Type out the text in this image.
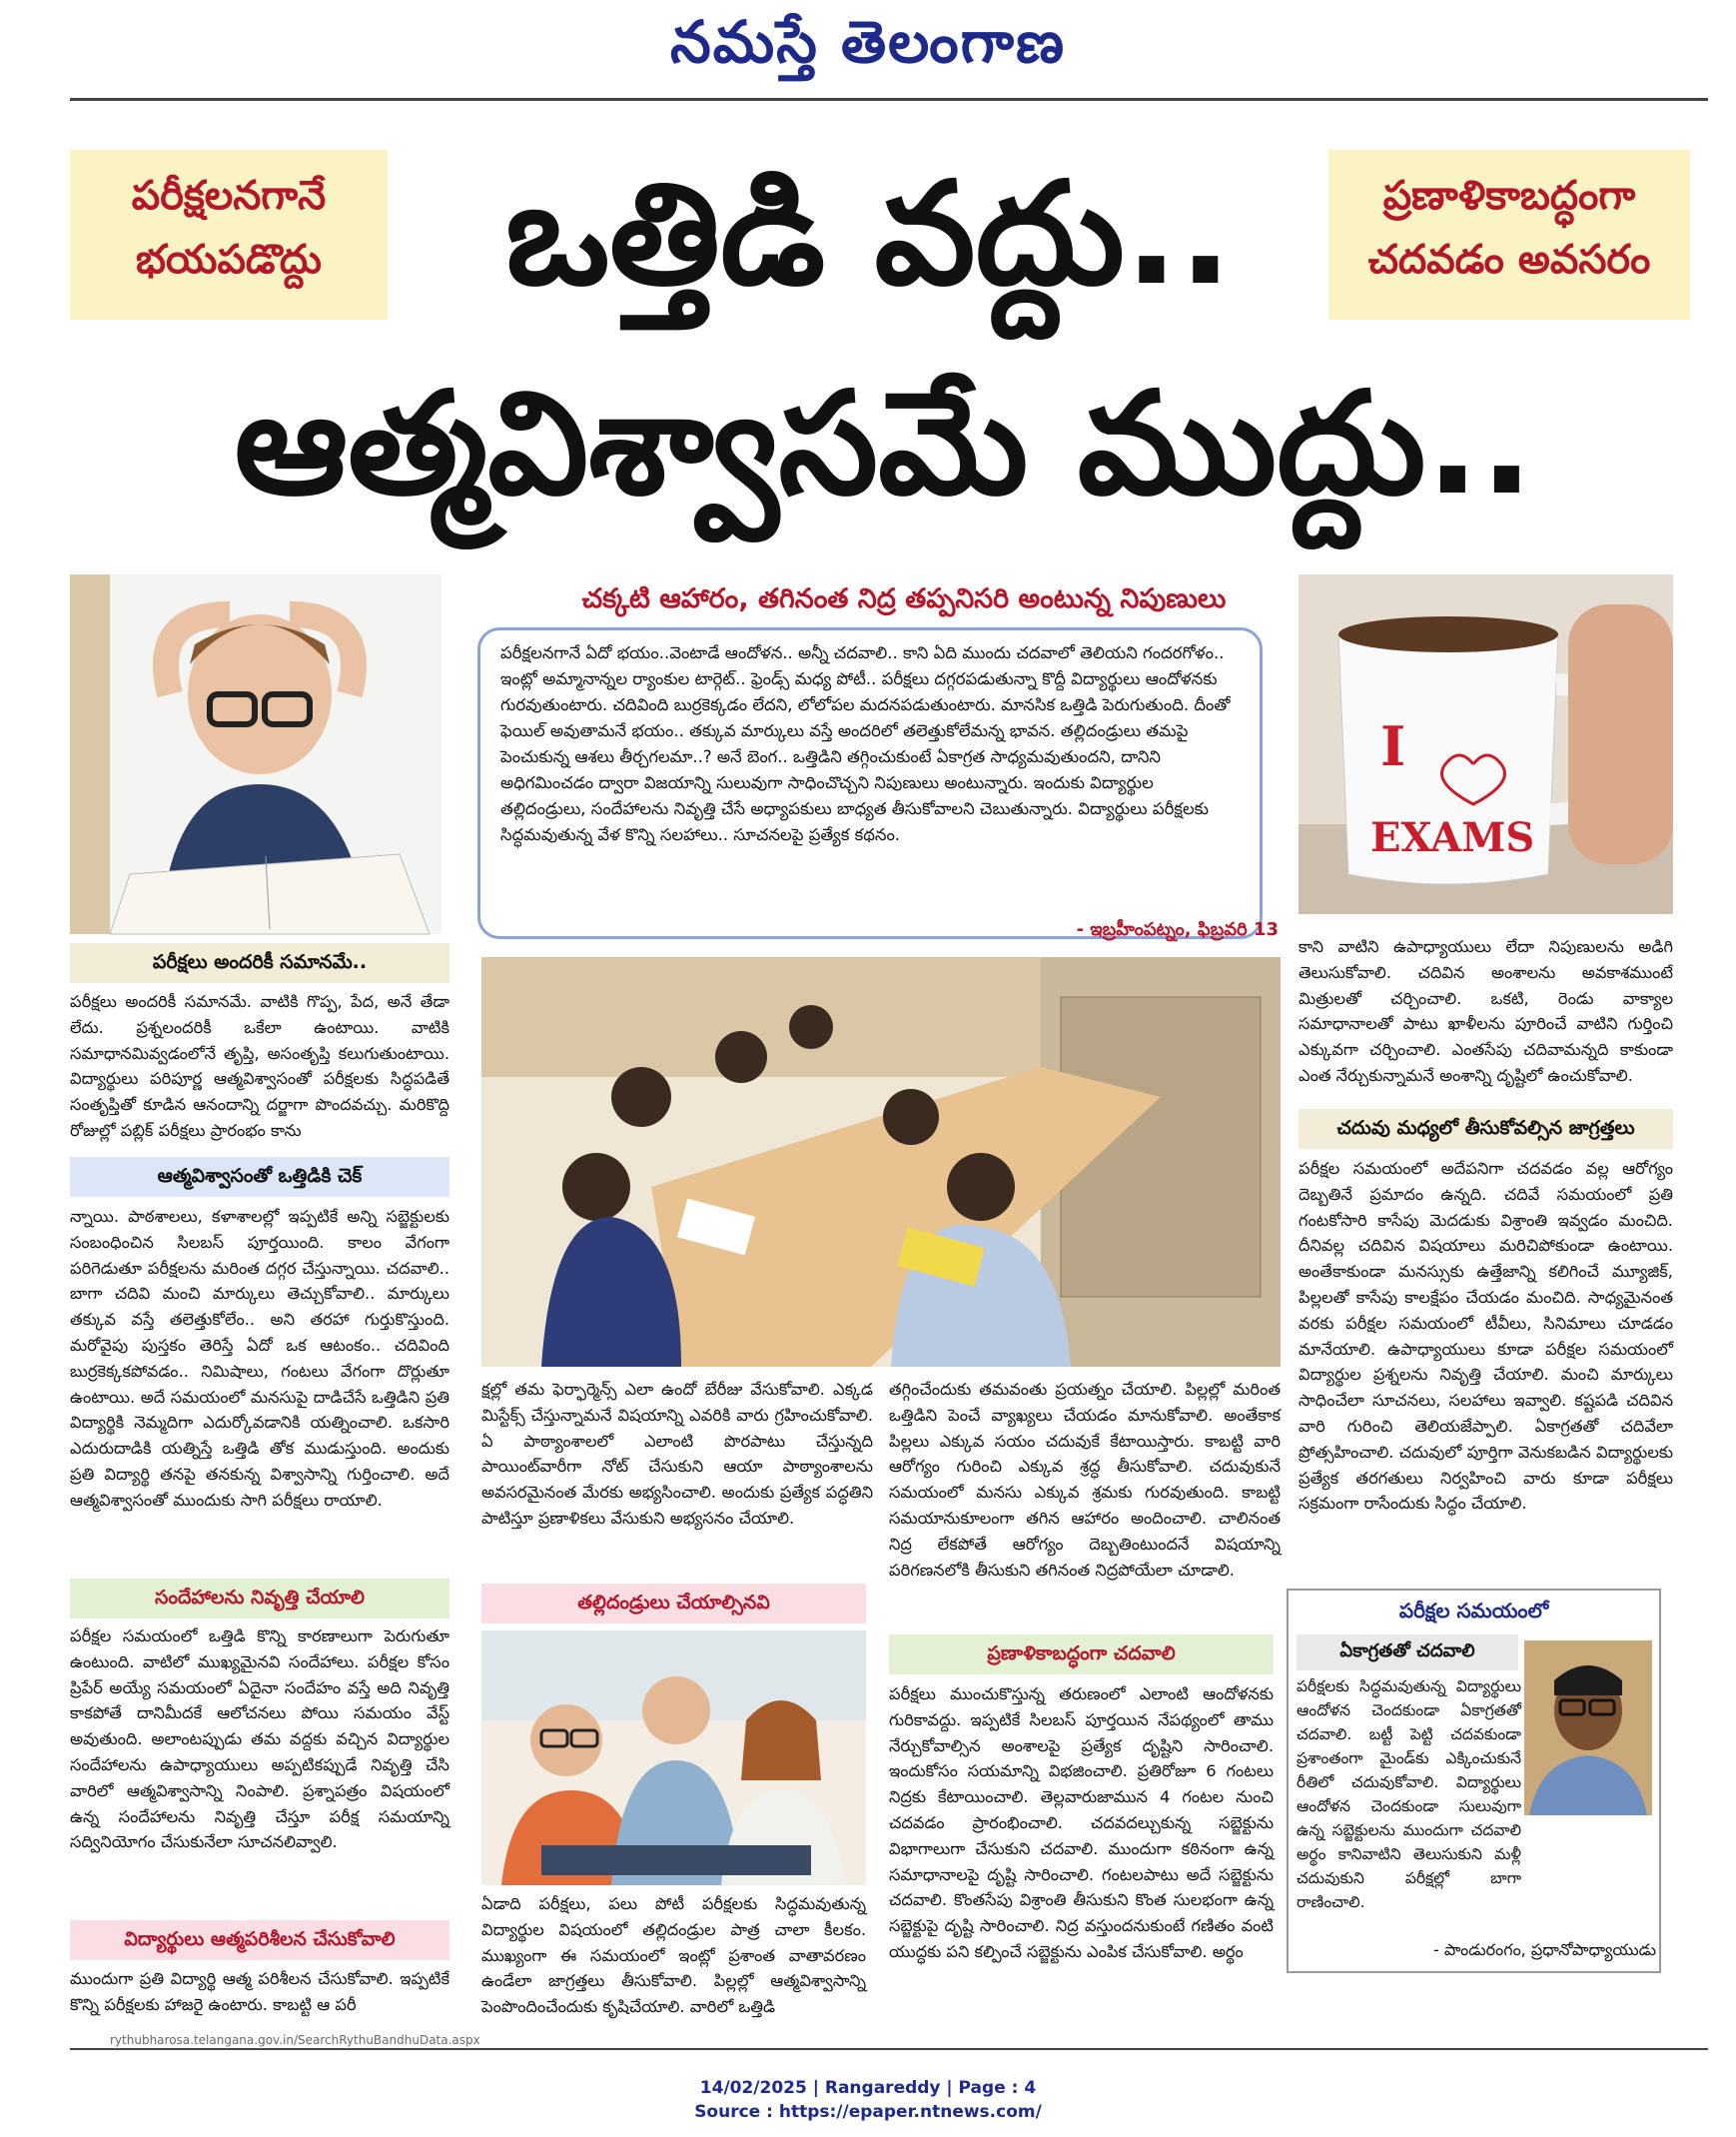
నమస్తే తెలంగాణ
పరీక్షలనగానే
భయపడొద్దు
ప్రణాళికాబద్ధంగా
చదవడం అవసరం
ఒత్తిడి వద్దు..
ఆత్మవిశ్వాసమే ముద్దు..
చక్కటి ఆహారం, తగినంత నిద్ర తప్పనిసరి అంటున్న నిపుణులు
పరీక్షలనగానే ఏదో భయం..వెంటాడే ఆందోళన.. అన్నీ చదవాలి.. కాని ఏది ముందు చదవాలో తెలియని గందరగోళం.. ఇంట్లో అమ్మానాన్నల ర్యాంకుల టార్గెట్.. ఫ్రెండ్స్ మధ్య పోటీ.. పరీక్షలు దగ్గరపడుతున్నా కొద్దీ విద్యార్థులు ఆందోళనకు గురవుతుంటారు. చదివింది బుర్రకెక్కడం లేదని, లోలోపల మదనపడుతుంటారు. మానసిక ఒత్తిడి పెరుగుతుంది. దీంతో ఫెయిల్ అవుతామనే భయం.. తక్కువ మార్కులు వస్తే అందరిలో తలెత్తుకోలేమన్న భావన. తల్లిదండ్రులు తమపై పెంచుకున్న ఆశలు తీర్చగలమా..? అనే బెంగ.. ఒత్తిడిని తగ్గించుకుంటే ఏకాగ్రత సాధ్యమవుతుందని, దానిని అధిగమించడం ద్వారా విజయాన్ని సులువుగా సాధించొచ్చని నిపుణులు అంటున్నారు. ఇందుకు విద్యార్థుల తల్లిదండ్రులు, సందేహాలను నివృత్తి చేసే అధ్యాపకులు బాధ్యత తీసుకోవాలని చెబుతున్నారు. విద్యార్థులు పరీక్షలకు సిద్ధమవుతున్న వేళ కొన్ని సలహాలు.. సూచనలపై ప్రత్యేక కథనం.
- ఇబ్రహీంపట్నం, ఫిబ్రవరి 13
I
EXAMS
పరీక్షలు అందరికీ సమానమే..
పరీక్షలు అందరికీ సమానమే. వాటికి గొప్ప, పేద, అనే తేడా లేదు. ప్రశ్నలందరికీ ఒకేలా ఉంటాయి. వాటికి సమాధానమివ్వడంలోనే తృప్తి, అసంతృప్తి కలుగుతుంటాయి. విద్యార్థులు పరిపూర్ణ ఆత్మవిశ్వాసంతో పరీక్షలకు సిద్ధపడితే సంతృప్తితో కూడిన ఆనందాన్ని దర్జాగా పొందవచ్చు. మరికొద్ది రోజుల్లో పబ్లిక్ పరీక్షలు ప్రారంభం కాను
ఆత్మవిశ్వాసంతో ఒత్తిడికి చెక్
న్నాయి. పాఠశాలలు, కళాశాలల్లో ఇప్పటికే అన్ని సబ్జెక్టులకు సంబంధించిన సిలబస్ పూర్తయింది. కాలం వేగంగా పరిగెడుతూ పరీక్షలను మరింత దగ్గర చేస్తున్నాయి. చదవాలి.. బాగా చదివి మంచి మార్కులు తెచ్చుకోవాలి.. మార్కులు తక్కువ వస్తే తలెత్తుకోలేం.. అని తరహా గుర్తుకొస్తుంది. మరోవైపు పుస్తకం తెరిస్తే ఏదో ఒక ఆటంకం.. చదివింది బుర్రకెక్కకపోవడం.. నిమిషాలు, గంటలు వేగంగా దొర్లుతూ ఉంటాయి. అదే సమయంలో మనసుపై దాడిచేసే ఒత్తిడిని ప్రతి విద్యార్థికి నెమ్మదిగా ఎదుర్కోవడానికి యత్నించాలి. ఒకసారి ఎదురుదాడికి యత్నిస్తే ఒత్తిడి తోక ముడుస్తుంది. అందుకు ప్రతి విద్యార్థి తనపై తనకున్న విశ్వాసాన్ని గుర్తించాలి. అదే ఆత్మవిశ్వాసంతో ముందుకు సాగి పరీక్షలు రాయాలి.
సందేహాలను నివృత్తి చేయాలి
పరీక్షల సమయంలో ఒత్తిడి కొన్ని కారణాలుగా పెరుగుతూ ఉంటుంది. వాటిలో ముఖ్యమైనవి సందేహాలు. పరీక్షల కోసం ప్రిపేర్ అయ్యే సమయంలో ఏదైనా సందేహం వస్తే అది నివృత్తి కాకపోతే దానిమీదకే ఆలోచనలు పోయి సమయం వేస్ట్ అవుతుంది. అలాంటప్పుడు తమ వద్దకు వచ్చిన విద్యార్థుల సందేహాలను ఉపాధ్యాయులు అప్పటికప్పుడే నివృత్తి చేసి వారిలో ఆత్మవిశ్వాసాన్ని నింపాలి. ప్రశ్నాపత్రం విషయంలో ఉన్న సందేహాలను నివృత్తి చేస్తూ పరీక్ష సమయాన్ని సద్వినియోగం చేసుకునేలా సూచనలివ్వాలి.
విద్యార్థులు ఆత్మపరిశీలన చేసుకోవాలి
ముందుగా ప్రతి విద్యార్థి ఆత్మ పరిశీలన చేసుకోవాలి. ఇప్పటికే కొన్ని పరీక్షలకు హాజరై ఉంటారు. కాబట్టి ఆ పరీ
క్షల్లో తమ ఫెర్ఫార్మెన్స్ ఎలా ఉందో బేరీజు వేసుకోవాలి. ఎక్కడ మిస్టేక్స్ చేస్తున్నామనే విషయాన్ని ఎవరికి వారు గ్రహించుకోవాలి. ఏ పాఠ్యాంశాలలో ఎలాంటి పొరపాటు చేస్తున్నది పాయింట్‌వారీగా నోట్ చేసుకుని ఆయా పాఠ్యాంశాలను అవసరమైనంత మేరకు అభ్యసించాలి. అందుకు ప్రత్యేక పద్ధతిని పాటిస్తూ ప్రణాళికలు వేసుకుని అభ్యసనం చేయాలి.
తగ్గించేందుకు తమవంతు ప్రయత్నం చేయాలి. పిల్లల్లో మరింత ఒత్తిడిని పెంచే వ్యాఖ్యలు చేయడం మానుకోవాలి. అంతేకాక పిల్లలు ఎక్కువ సయం చదువుకే కేటాయిస్తారు. కాబట్టి వారి ఆరోగ్యం గురించి ఎక్కువ శ్రద్ధ తీసుకోవాలి. చదువుకునే సమయంలో మనసు ఎక్కువ శ్రమకు గురవుతుంది. కాబట్టి సమయానుకూలంగా తగిన ఆహారం అందించాలి. చాలినంత నిద్ర లేకపోతే ఆరోగ్యం దెబ్బతింటుందనే విషయాన్ని పరిగణనలోకి తీసుకుని తగినంత నిద్రపోయేలా చూడాలి.
తల్లిదండ్రులు చేయాల్సినవి
ఏడాది పరీక్షలు, పలు పోటీ పరీక్షలకు సిద్ధమవుతున్న విద్యార్థుల విషయంలో తల్లిదండ్రుల పాత్ర చాలా కీలకం. ముఖ్యంగా ఈ సమయంలో ఇంట్లో ప్రశాంత వాతావరణం ఉండేలా జాగ్రత్తలు తీసుకోవాలి. పిల్లల్లో ఆత్మవిశ్వాసాన్ని పెంపొందించేందుకు కృషిచేయాలి. వారిలో ఒత్తిడి
ప్రణాళికాబద్ధంగా చదవాలి
పరీక్షలు ముంచుకొస్తున్న తరుణంలో ఎలాంటి ఆందోళనకు గురికావద్దు. ఇప్పటికే సిలబస్ పూర్తయిన నేపథ్యంలో తాము నేర్చుకోవాల్సిన అంశాలపై ప్రత్యేక దృష్టిని సారించాలి. ఇందుకోసం సయమాన్ని విభజించాలి. ప్రతిరోజూ 6 గంటలు నిద్రకు కేటాయించాలి. తెల్లవారుజామున 4 గంటల నుంచి చదవడం ప్రారంభించాలి. చదవదల్చుకున్న సబ్జెక్టును విభాగాలుగా చేసుకుని చదవాలి. ముందుగా కఠినంగా ఉన్న సమాధానాలపై దృష్టి సారించాలి. గంటలపాటు అదే సబ్జెక్టును చదవాలి. కొంతసేపు విశ్రాంతి తీసుకుని కొంత సులభంగా ఉన్న సబ్జెక్టుపై దృష్టి సారించాలి. నిద్ర వస్తుందనుకుంటే గణితం వంటి యుద్ధకు పని కల్పించే సబ్జెక్టును ఎంపిక చేసుకోవాలి. అర్థం
కాని వాటిని ఉపాధ్యాయులు లేదా నిపుణులను అడిగి తెలుసుకోవాలి. చదివిన అంశాలను అవకాశముంటే మిత్రులతో చర్చించాలి. ఒకటి, రెండు వాక్యాల సమాధానాలతో పాటు ఖాళీలను పూరించే వాటిని గుర్తించి ఎక్కువగా చర్చించాలి. ఎంతసేపు చదివామన్నది కాకుండా ఎంత నేర్చుకున్నామనే అంశాన్ని దృష్టిలో ఉంచుకోవాలి.
చదువు మధ్యలో తీసుకోవల్సిన జాగ్రత్తలు
పరీక్షల సమయంలో అదేపనిగా చదవడం వల్ల ఆరోగ్యం దెబ్బతినే ప్రమాదం ఉన్నది. చదివే సమయంలో ప్రతి గంటకోసారి కాసేపు మెదడుకు విశ్రాంతి ఇవ్వడం మంచిది. దీనివల్ల చదివిన విషయాలు మరిచిపోకుండా ఉంటాయి. అంతేకాకుండా మనస్సుకు ఉత్తేజాన్ని కలిగించే మ్యూజిక్, పిల్లలతో కాసేపు కాలక్షేపం చేయడం మంచిది. సాధ్యమైనంత వరకు పరీక్షల సమయంలో టీవీలు, సినిమాలు చూడడం మానేయాలి. ఉపాధ్యాయులు కూడా పరీక్షల సమయంలో విద్యార్థుల ప్రశ్నలను నివృత్తి చేయాలి. మంచి మార్కులు సాధించేలా సూచనలు, సలహాలు ఇవ్వాలి. కష్టపడి చదివిన వారి గురించి తెలియజేప్పాలి. ఏకాగ్రతతో చదివేలా ప్రోత్సహించాలి. చదువులో పూర్తిగా వెనుకబడిన విద్యార్థులకు ప్రత్యేక తరగతులు నిర్వహించి వారు కూడా పరీక్షలు సక్రమంగా రాసేందుకు సిద్ధం చేయాలి.
పరీక్షల సమయంలో
ఏకాగ్రతతో చదవాలి
పరీక్షలకు సిద్ధమవుతున్న విద్యార్థులు ఆందోళన చెందకుండా ఏకాగ్రతతో చదవాలి. బట్టీ పెట్టి చదవకుండా ప్రశాంతంగా మైండ్‌కు ఎక్కించుకునే రీతిలో చదువుకోవాలి. విద్యార్థులు ఆందోళన చెందకుండా సులువుగా ఉన్న సబ్జెక్టులను ముందుగా చదవాలి అర్థం కానివాటిని తెలుసుకుని మళ్లీ చదువుకుని పరీక్షల్లో బాగా రాణించాలి.
- పాండురంగం, ప్రధానోపాధ్యాయుడు
rythubharosa.telangana.gov.in/SearchRythuBandhuData.aspx
14/02/2025 | Rangareddy | Page : 4
Source : https://epaper.ntnews.com/
